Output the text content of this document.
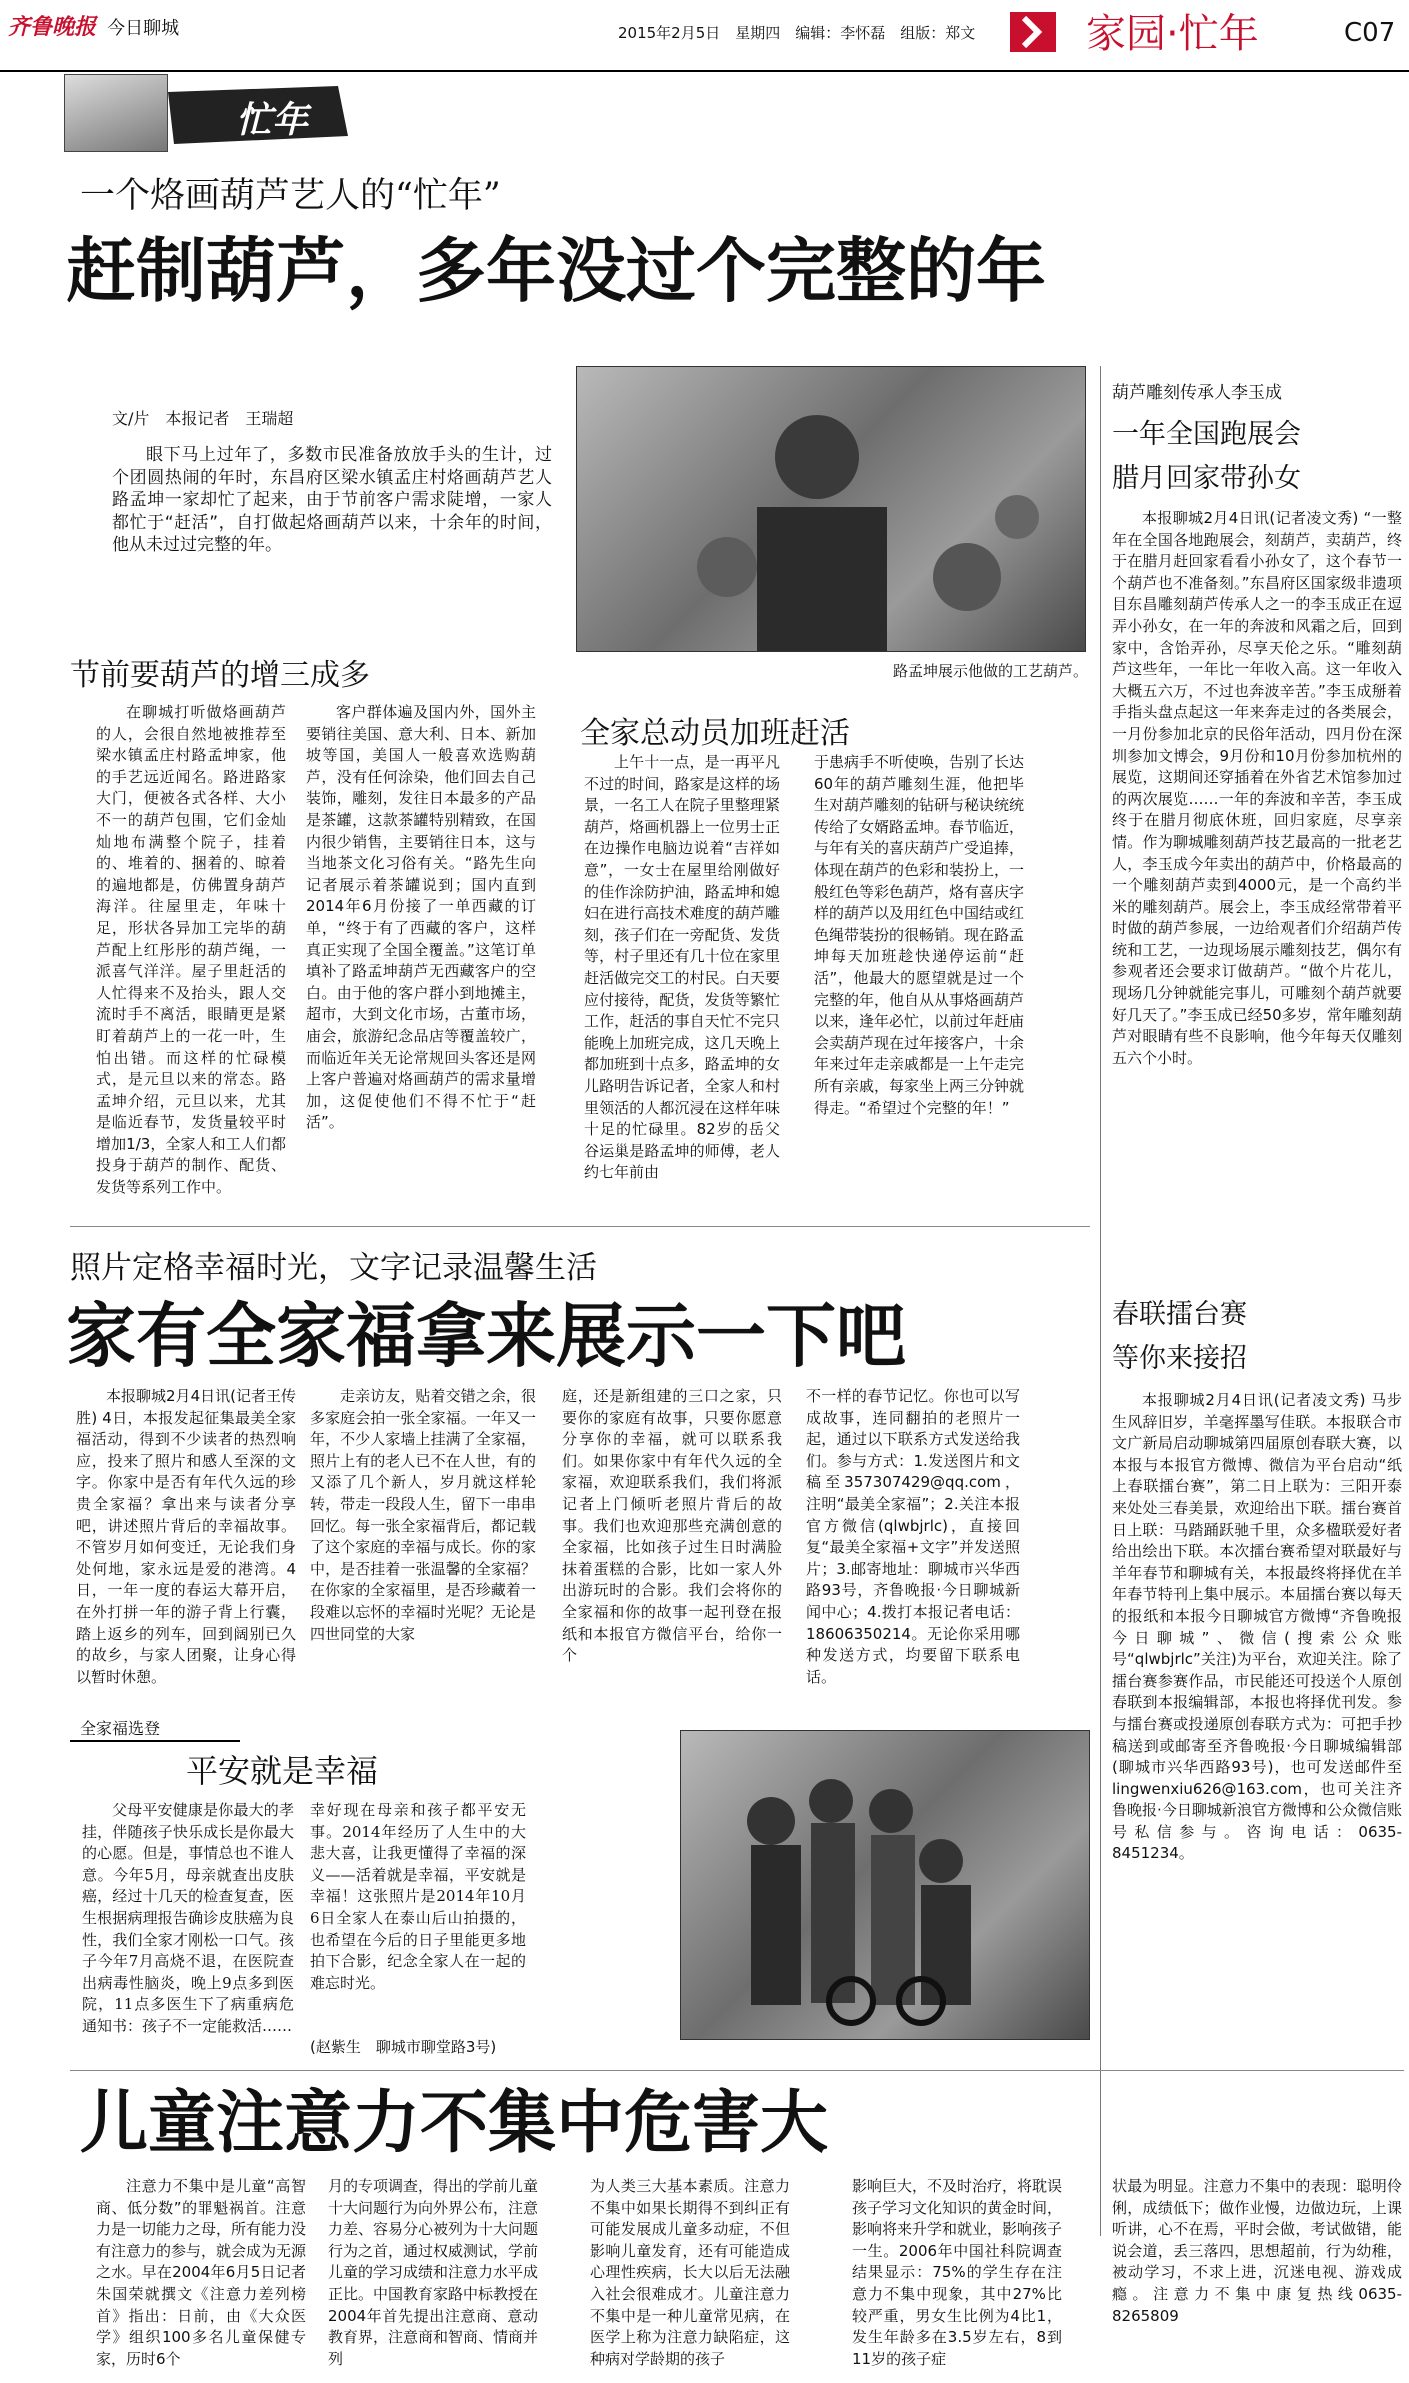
齐鲁晚报 今日聊城	2015年2月5日　星期四　编辑：李怀磊　组版：郑文	家园·忙年	C07
忙年
一个烙画葫芦艺人的“忙年”
赶制葫芦，多年没过个完整的年
文/片　本报记者　王瑞超

眼下马上过年了，多数市民准备放放手头的生计，过个团圆热闹的年时，东昌府区梁水镇孟庄村烙画葫芦艺人路孟坤一家却忙了起来，由于节前客户需求陡增，一家人都忙于“赶活”，自打做起烙画葫芦以来，十余年的时间，他从未过过完整的年。

路孟坤展示他做的工艺葫芦。
节前要葫芦的增三成多

在聊城打听做烙画葫芦的人，会很自然地被推荐至梁水镇孟庄村路孟坤家，他的手艺远近闻名。路进路家大门，便被各式各样、大小不一的葫芦包围，它们金灿灿地布满整个院子，挂着的、堆着的、捆着的、晾着的遍地都是，仿佛置身葫芦海洋。往屋里走，年味十足，形状各异加工完毕的葫芦配上红彤彤的葫芦绳，一派喜气洋洋。屋子里赶活的人忙得来不及抬头，跟人交流时手不离活，眼睛更是紧盯着葫芦上的一花一叶，生怕出错。而这样的忙碌模式，是元旦以来的常态。路孟坤介绍，元旦以来，尤其是临近春节，发货量较平时增加1/3，全家人和工人们都投身于葫芦的制作、配货、发货等系列工作中。

客户群体遍及国内外，国外主要销往美国、意大利、日本、新加坡等国，美国人一般喜欢选购葫芦，没有任何涂染，他们回去自己装饰，雕刻，发往日本最多的产品是茶罐，这款茶罐特别精致，在国内很少销售，主要销往日本，这与当地茶文化习俗有关。“路先生向记者展示着茶罐说到；国内直到2014年6月份接了一单西藏的订单，“终于有了西藏的客户，这样真正实现了全国全覆盖。”这笔订单填补了路孟坤葫芦无西藏客户的空白。由于他的客户群小到地摊主，超市，大到文化市场，古董市场，庙会，旅游纪念品店等覆盖较广，而临近年关无论常规回头客还是网上客户普遍对烙画葫芦的需求量增加，这促使他们不得不忙于“赶活”。

全家总动员加班赶活

上午十一点，是一再平凡不过的时间，路家是这样的场景，一名工人在院子里整理紧葫芦，烙画机器上一位男士正在边操作电脑边说着“吉祥如意”，一女士在屋里给刚做好的佳作涂防护油，路孟坤和媳妇在进行高技术难度的葫芦雕刻，孩子们在一旁配货、发货等，村子里还有几十位在家里赶活做完交工的村民。白天要应付接待，配货，发货等繁忙工作，赶活的事自天忙不完只能晚上加班完成，这几天晚上都加班到十点多，路孟坤的女儿路明告诉记者，全家人和村里领活的人都沉浸在这样年味十足的忙碌里。82岁的岳父谷运巢是路孟坤的师傅，老人约七年前由

于患病手不听使唤，告别了长达60年的葫芦雕刻生涯，他把毕生对葫芦雕刻的钻研与秘诀统统传给了女婿路孟坤。春节临近，与年有关的喜庆葫芦广受追捧，体现在葫芦的色彩和装扮上，一般红色等彩色葫芦，烙有喜庆字样的葫芦以及用红色中国结或红色绳带装扮的很畅销。现在路孟坤每天加班趁快递停运前“赶活”，他最大的愿望就是过一个完整的年，他自从从事烙画葫芦以来，逢年必忙，以前过年赶庙会卖葫芦现在过年接客户，十余年来过年走亲戚都是一上午走完所有亲戚，每家坐上两三分钟就得走。“希望过个完整的年！”

葫芦雕刻传承人李玉成
一年全国跑展会
腊月回家带孙女

本报聊城2月4日讯(记者凌文秀) “一整年在全国各地跑展会，刻葫芦，卖葫芦，终于在腊月赶回家看看小孙女了，这个春节一个葫芦也不准备刻。”东昌府区国家级非遗项目东昌雕刻葫芦传承人之一的李玉成正在逗弄小孙女，在一年的奔波和风霜之后，回到家中，含饴弄孙，尽享天伦之乐。“雕刻葫芦这些年，一年比一年收入高。这一年收入大概五六万，不过也奔波辛苦。”李玉成掰着手指头盘点起这一年来奔走过的各类展会，一月份参加北京的民俗年活动，四月份在深圳参加文博会，9月份和10月份参加杭州的展览，这期间还穿插着在外省艺术馆参加过的两次展览……一年的奔波和辛苦，李玉成终于在腊月彻底休班，回归家庭，尽享亲情。作为聊城雕刻葫芦技艺最高的一批老艺人，李玉成今年卖出的葫芦中，价格最高的一个雕刻葫芦卖到4000元，是一个高约半米的雕刻葫芦。展会上，李玉成经常带着平时做的葫芦参展，一边给观者们介绍葫芦传统和工艺，一边现场展示雕刻技艺，偶尔有参观者还会要求订做葫芦。“做个片花儿，现场几分钟就能完事儿，可雕刻个葫芦就要好几天了。”李玉成已经50多岁，常年雕刻葫芦对眼睛有些不良影响，他今年每天仅雕刻五六个小时。

照片定格幸福时光，文字记录温馨生活
家有全家福拿来展示一下吧

本报聊城2月4日讯(记者王传胜) 4日，本报发起征集最美全家福活动，得到不少读者的热烈响应，投来了照片和感人至深的文字。你家中是否有年代久远的珍贵全家福？拿出来与读者分享吧，讲述照片背后的幸福故事。不管岁月如何变迁，无论我们身处何地，家永远是爱的港湾。4日，一年一度的春运大幕开启，在外打拼一年的游子背上行囊，踏上返乡的列车，回到阔别已久的故乡，与家人团聚，让身心得以暂时休憩。

走亲访友，贴着交错之余，很多家庭会拍一张全家福。一年又一年，不少人家墙上挂满了全家福，照片上有的老人已不在人世，有的又添了几个新人，岁月就这样轮转，带走一段段人生，留下一串串回忆。每一张全家福背后，都记载了这个家庭的幸福与成长。你的家中，是否挂着一张温馨的全家福？在你家的全家福里，是否珍藏着一段难以忘怀的幸福时光呢？无论是四世同堂的大家

庭，还是新组建的三口之家，只要你的家庭有故事，只要你愿意分享你的幸福，就可以联系我们。如果你家中有年代久远的全家福，欢迎联系我们，我们将派记者上门倾听老照片背后的故事。我们也欢迎那些充满创意的全家福，比如孩子过生日时满脸抹着蛋糕的合影，比如一家人外出游玩时的合影。我们会将你的全家福和你的故事一起刊登在报纸和本报官方微信平台，给你一个

不一样的春节记忆。你也可以写成故事，连同翻拍的老照片一起，通过以下联系方式发送给我们。参与方式：1.发送图片和文稿至357307429@qq.com，注明“最美全家福”；2.关注本报官方微信(qlwbjrlc)，直接回复“最美全家福+文字”并发送照片；3.邮寄地址：聊城市兴华西路93号，齐鲁晚报·今日聊城新闻中心；4.拨打本报记者电话：18606350214。无论你采用哪种发送方式，均要留下联系电话。

全家福选登
平安就是幸福

父母平安健康是你最大的孝挂，伴随孩子快乐成长是你最大的心愿。但是，事情总也不谁人意。今年5月，母亲就查出皮肤癌，经过十几天的检查复查，医生根据病理报告确诊皮肤癌为良性，我们全家才刚松一口气。孩子今年7月高烧不退，在医院查出病毒性脑炎，晚上9点多到医院，11点多医生下了病重病危通知书：孩子不一定能救活……

幸好现在母亲和孩子都平安无事。2014年经历了人生中的大悲大喜，让我更懂得了幸福的深义——活着就是幸福，平安就是幸福！这张照片是2014年10月6日全家人在泰山后山拍摄的，也希望在今后的日子里能更多地拍下合影，纪念全家人在一起的难忘时光。

(赵紫生　聊城市聊堂路3号)
春联擂台赛
等你来接招

本报聊城2月4日讯(记者凌文秀) 马步生风辞旧岁，羊毫挥墨写佳联。本报联合市文广新局启动聊城第四届原创春联大赛，以本报与本报官方微博、微信为平台启动“纸上春联擂台赛”，第二日上联为：三阳开泰来处处三春美景，欢迎给出下联。擂台赛首日上联：马踏踊跃驰千里，众多楹联爱好者给出绘出下联。本次擂台赛希望对联最好与羊年春节和聊城有关，本报最终将择优在羊年春节特刊上集中展示。本届擂台赛以每天的报纸和本报今日聊城官方微博“齐鲁晚报今日聊城”、微信(搜索公众账号“qlwbjrlc”关注)为平台，欢迎关注。除了擂台赛参赛作品，市民能还可投送个人原创春联到本报编辑部，本报也将择优刊发。参与擂台赛或投递原创春联方式为：可把手抄稿送到或邮寄至齐鲁晚报·今日聊城编辑部(聊城市兴华西路93号)，也可发送邮件至lingwenxiu626@163.com，也可关注齐鲁晚报·今日聊城新浪官方微博和公众微信账号私信参与。咨询电话：0635-8451234。

儿童注意力不集中危害大

注意力不集中是儿童“高智商、低分数”的罪魁祸首。注意力是一切能力之母，所有能力没有注意力的参与，就会成为无源之水。早在2004年6月5日记者朱国荣就撰文《注意力差列榜首》指出：日前，由《大众医学》组织100多名儿童保健专家，历时6个

月的专项调查，得出的学前儿童十大问题行为向外界公布，注意力差、容易分心被列为十大问题行为之首，通过权威测试，学前儿童的学习成绩和注意力水平成正比。中国教育家路中标教授在2004年首先提出注意商、意动教育界，注意商和智商、情商并列

为人类三大基本素质。注意力不集中如果长期得不到纠正有可能发展成儿童多动症，不但影响儿童发育，还有可能造成心理性疾病，长大以后无法融入社会很难成才。儿童注意力不集中是一种儿童常见病，在医学上称为注意力缺陷症，这种病对学龄期的孩子

影响巨大，不及时治疗，将耽误孩子学习文化知识的黄金时间，影响将来升学和就业，影响孩子一生。2006年中国社科院调查结果显示：75%的学生存在注意力不集中现象，其中27%比较严重，男女生比例为4比1，发生年龄多在3.5岁左右，8到11岁的孩子症

状最为明显。注意力不集中的表现：聪明伶俐，成绩低下；做作业慢，边做边玩，上课听讲，心不在焉，平时会做，考试做错，能说会道，丢三落四，思想超前，行为幼稚，被动学习，不求上进，沉迷电视、游戏成瘾。注意力不集中康复热线0635-8265809
